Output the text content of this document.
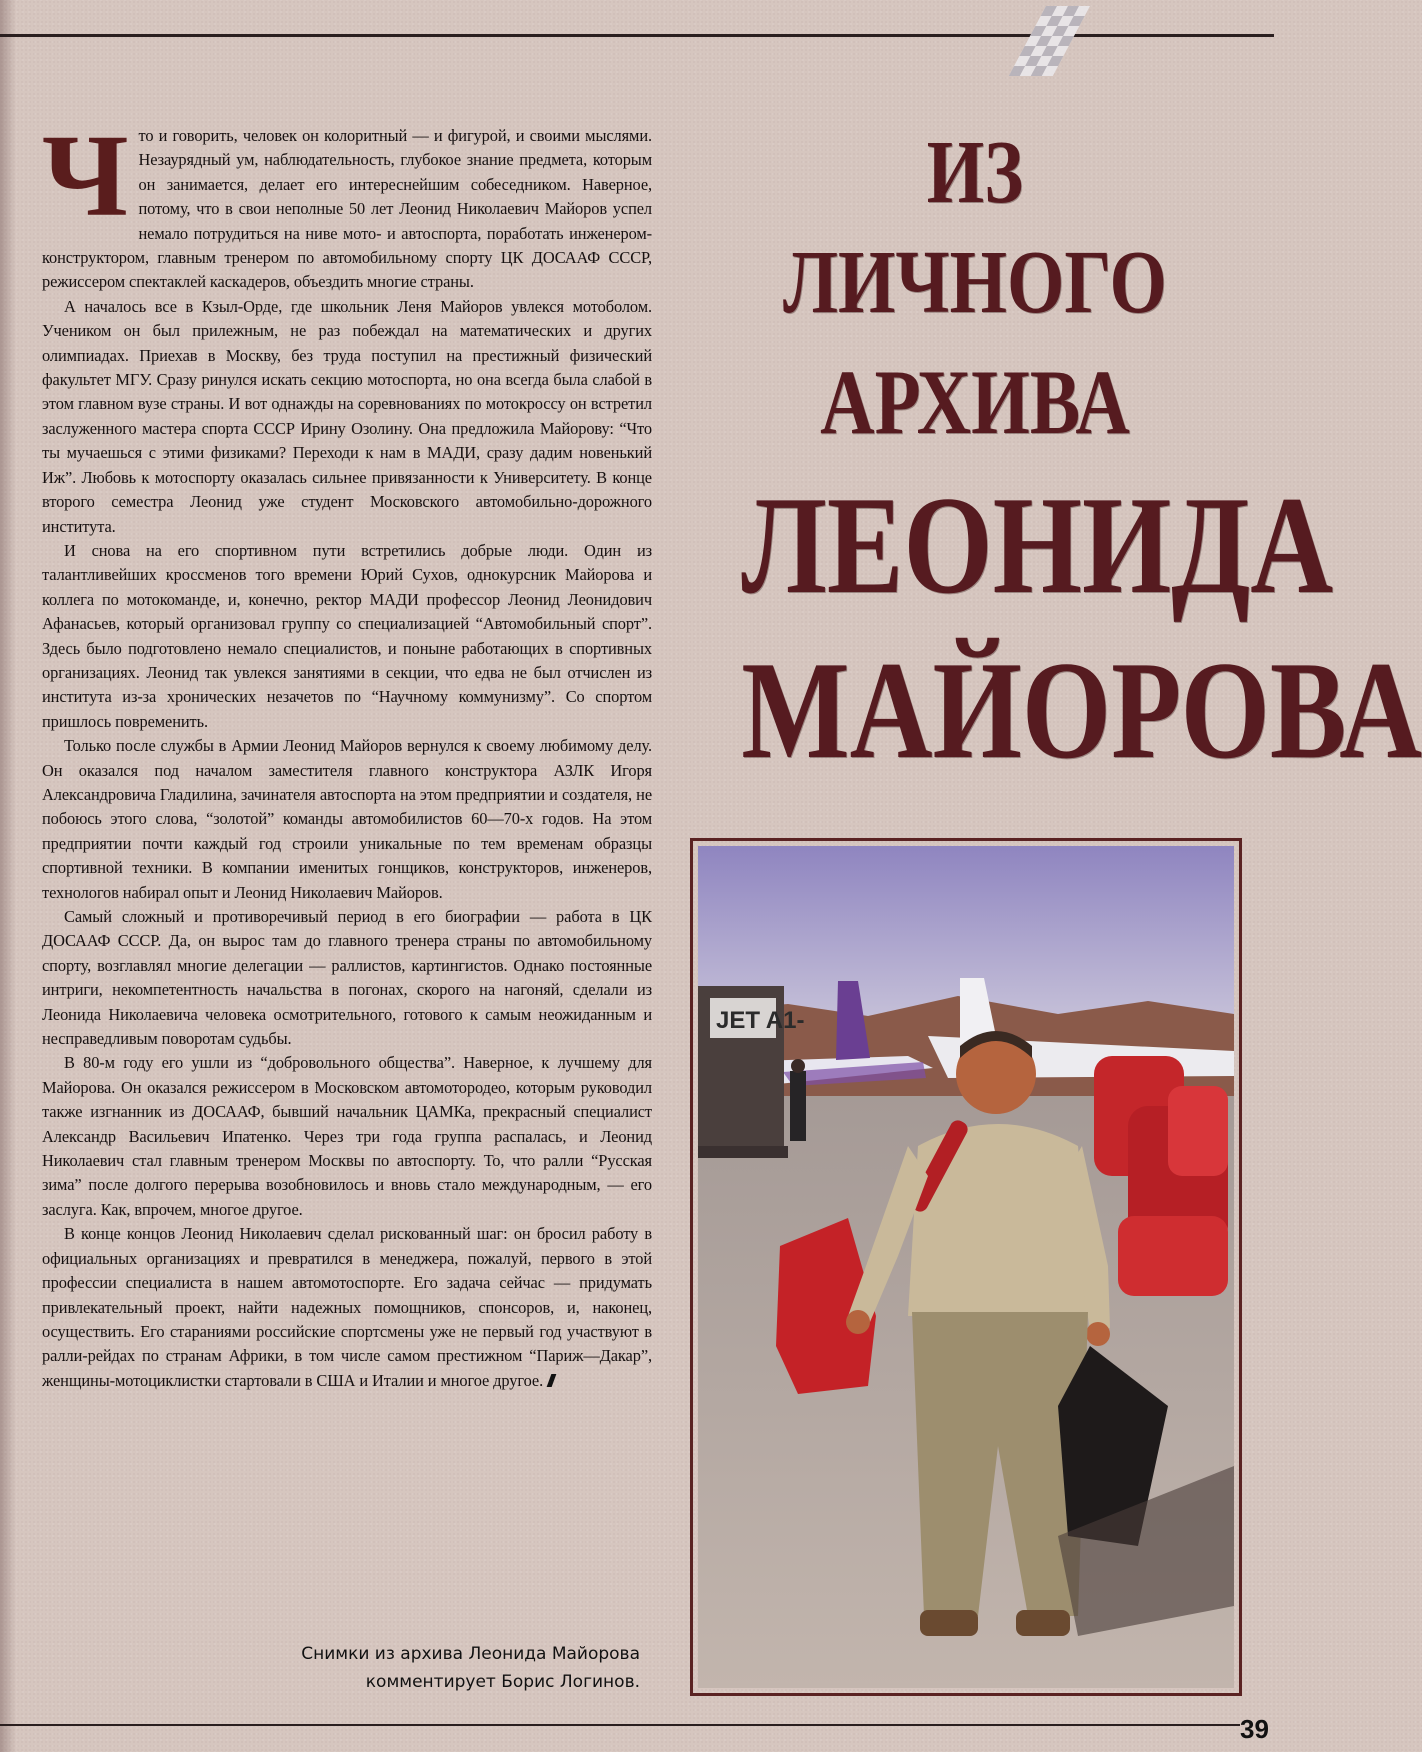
Что и говорить, человек он колоритный — и фигурой, и своими мыслями. Незаурядный ум, наблюдательность, глубокое знание предмета, которым он занимается, делает его интереснейшим собеседником. Наверное, потому, что в свои неполные 50 лет Леонид Николаевич Майоров успел немало потрудиться на ниве мото- и автоспорта, поработать инженером-конструктором, главным тренером по автомобильному спорту ЦК ДОСААФ СССР, режиссером спектаклей каскадеров, объездить многие страны.

А началось все в Кзыл-Орде, где школьник Леня Майоров увлекся мотоболом. Учеником он был прилежным, не раз побеждал на математических и других олимпиадах. Приехав в Москву, без труда поступил на престижный физический факультет МГУ. Сразу ринулся искать секцию мотоспорта, но она всегда была слабой в этом главном вузе страны. И вот однажды на соревнованиях по мотокроссу он встретил заслуженного мастера спорта СССР Ирину Озолину. Она предложила Майорову: “Что ты мучаешься с этими физиками? Переходи к нам в МАДИ, сразу дадим новенький Иж”. Любовь к мотоспорту оказалась сильнее привязанности к Университету. В конце второго семестра Леонид уже студент Московского автомобильно-дорожного института.

И снова на его спортивном пути встретились добрые люди. Один из талантливейших кроссменов того времени Юрий Сухов, однокурсник Майорова и коллега по мотокоманде, и, конечно, ректор МАДИ профессор Леонид Леонидович Афанасьев, который организовал группу со специализацией “Автомобильный спорт”. Здесь было подготовлено немало специалистов, и поныне работающих в спортивных организациях. Леонид так увлекся занятиями в секции, что едва не был отчислен из института из-за хронических незачетов по “Научному коммунизму”. Со спортом пришлось повременить.

Только после службы в Армии Леонид Майоров вернулся к своему любимому делу. Он оказался под началом заместителя главного конструктора АЗЛК Игоря Александровича Гладилина, зачинателя автоспорта на этом предприятии и создателя, не побоюсь этого слова, “золотой” команды автомобилистов 60—70-х годов. На этом предприятии почти каждый год строили уникальные по тем временам образцы спортивной техники. В компании именитых гонщиков, конструкторов, инженеров, технологов набирал опыт и Леонид Николаевич Майоров.

Самый сложный и противоречивый период в его биографии — работа в ЦК ДОСААФ СССР. Да, он вырос там до главного тренера страны по автомобильному спорту, возглавлял многие делегации — раллистов, картингистов. Однако постоянные интриги, некомпетентность начальства в погонах, скорого на нагоняй, сделали из Леонида Николаевича человека осмотрительного, готового к самым неожиданным и несправедливым поворотам судьбы.

В 80-м году его ушли из “добровольного общества”. Наверное, к лучшему для Майорова. Он оказался режиссером в Московском автомотородео, которым руководил также изгнанник из ДОСААФ, бывший начальник ЦАМКа, прекрасный специалист Александр Васильевич Ипатенко. Через три года группа распалась, и Леонид Николаевич стал главным тренером Москвы по автоспорту. То, что ралли “Русская зима” после долгого перерыва возобновилось и вновь стало международным, — его заслуга. Как, впрочем, многое другое.

В конце концов Леонид Николаевич сделал рискованный шаг: он бросил работу в официальных организациях и превратился в менеджера, пожалуй, первого в этой профессии специалиста в нашем автомотоспорте. Его задача сейчас — придумать привлекательный проект, найти надежных помощников, спонсоров, и, наконец, осуществить. Его стараниями российские спортсмены уже не первый год участвуют в ралли-рейдах по странам Африки, в том числе самом престижном “Париж—Дакар”, женщины-мотоциклистки стартовали в США и Италии и многое другое.

ИЗ ЛИЧНОГО
АРХИВА
ЛЕОНИДА
МАЙОРОВА
JET A1-
Снимки из архива Леонида Майорова
комментирует Борис Логинов.
39
